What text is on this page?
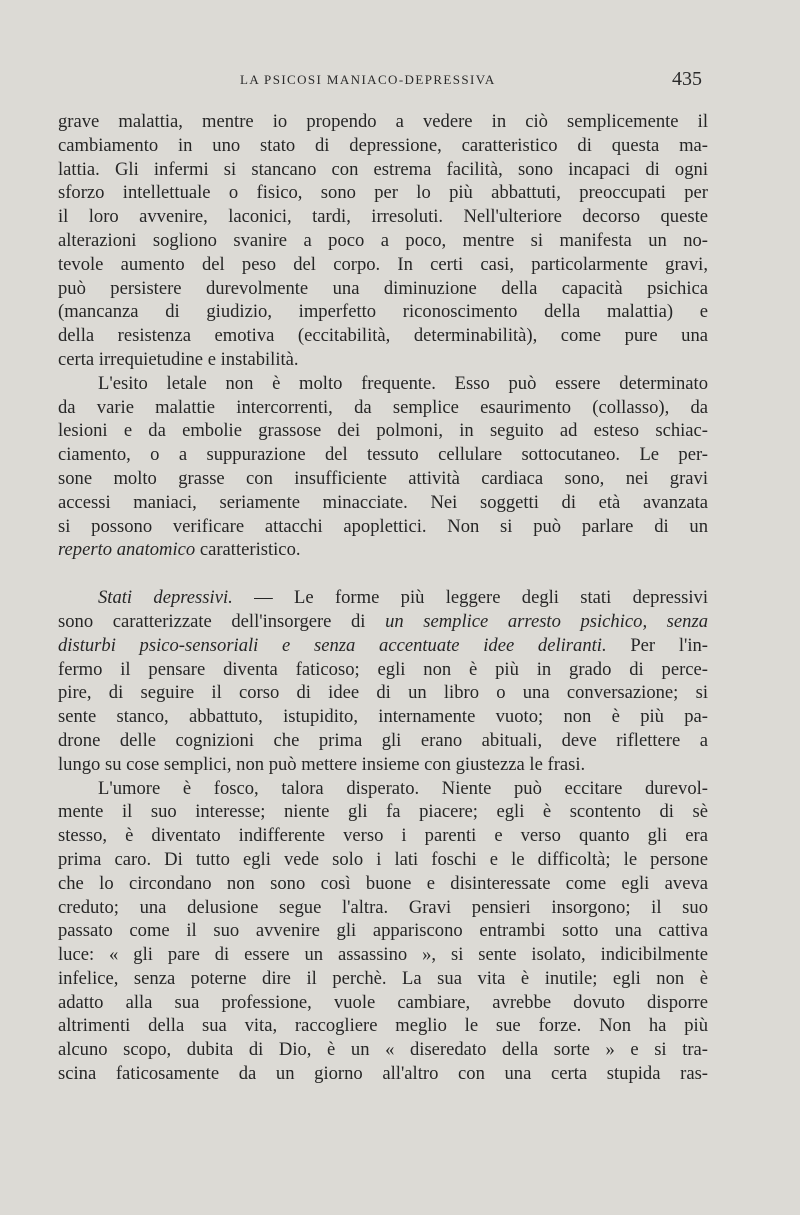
LA PSICOSI MANIACO-DEPRESSIVA	435
grave malattia, mentre io propendo a vedere in ciò semplicemente il
cambiamento in uno stato di depressione, caratteristico di questa ma-
lattia. Gli infermi si stancano con estrema facilità, sono incapaci di ogni
sforzo intellettuale o fisico, sono per lo più abbattuti, preoccupati per
il loro avvenire, laconici, tardi, irresoluti. Nell'ulteriore decorso queste
alterazioni sogliono svanire a poco a poco, mentre si manifesta un no-
tevole aumento del peso del corpo. In certi casi, particolarmente gravi,
può persistere durevolmente una diminuzione della capacità psichica
(mancanza di giudizio, imperfetto riconoscimento della malattia) e
della resistenza emotiva (eccitabilità, determinabilità), come pure una
certa irrequietudine e instabilità.
L'esito letale non è molto frequente. Esso può essere determinato
da varie malattie intercorrenti, da semplice esaurimento (collasso), da
lesioni e da embolie grassose dei polmoni, in seguito ad esteso schiac-
ciamento, o a suppurazione del tessuto cellulare sottocutaneo. Le per-
sone molto grasse con insufficiente attività cardiaca sono, nei gravi
accessi maniaci, seriamente minacciate. Nei soggetti di età avanzata
si possono verificare attacchi apoplettici. Non si può parlare di un
reperto anatomico caratteristico.
Stati depressivi. — Le forme più leggere degli stati depressivi
sono caratterizzate dell'insorgere di un semplice arresto psichico, senza
disturbi psico-sensoriali e senza accentuate idee deliranti. Per l'in-
fermo il pensare diventa faticoso; egli non è più in grado di perce-
pire, di seguire il corso di idee di un libro o una conversazione; si
sente stanco, abbattuto, istupidito, internamente vuoto; non è più pa-
drone delle cognizioni che prima gli erano abituali, deve riflettere a
lungo su cose semplici, non può mettere insieme con giustezza le frasi.
L'umore è fosco, talora disperato. Niente può eccitare durevol-
mente il suo interesse; niente gli fa piacere; egli è scontento di sè
stesso, è diventato indifferente verso i parenti e verso quanto gli era
prima caro. Di tutto egli vede solo i lati foschi e le difficoltà; le persone
che lo circondano non sono così buone e disinteressate come egli aveva
creduto; una delusione segue l'altra. Gravi pensieri insorgono; il suo
passato come il suo avvenire gli appariscono entrambi sotto una cattiva
luce: « gli pare di essere un assassino », si sente isolato, indicibilmente
infelice, senza poterne dire il perchè. La sua vita è inutile; egli non è
adatto alla sua professione, vuole cambiare, avrebbe dovuto disporre
altrimenti della sua vita, raccogliere meglio le sue forze. Non ha più
alcuno scopo, dubita di Dio, è un « diseredato della sorte » e si tra-
scina faticosamente da un giorno all'altro con una certa stupida ras-
